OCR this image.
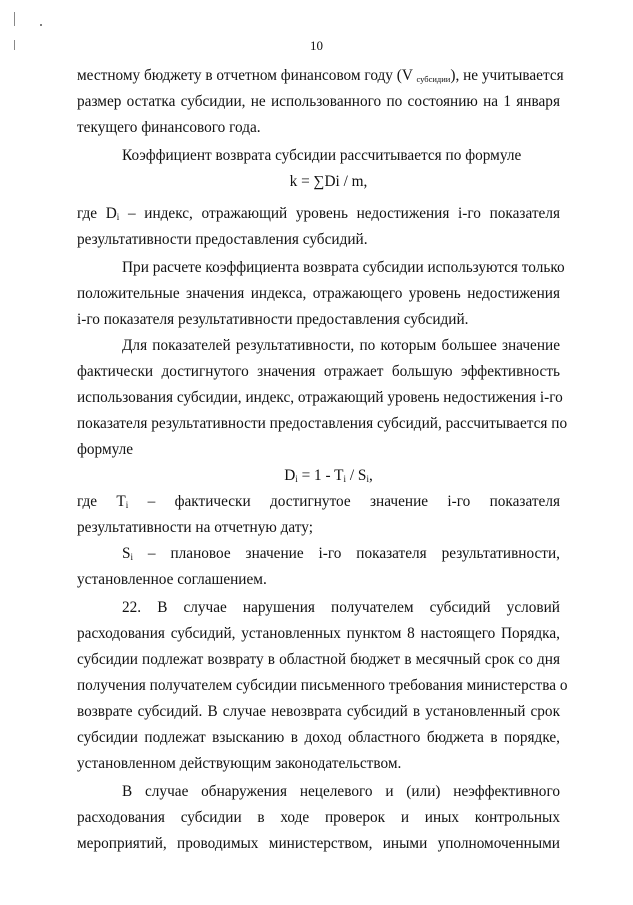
10
местному бюджету в отчетном финансовом году (V $_{субсидии}$), не учитывается
размер остатка субсидии, не использованного по состоянию на 1 января
текущего финансового года.
Коэффициент возврата субсидии рассчитывается по формуле
k = ∑Di / m,
где $D_i$ – индекс, отражающий уровень недостижения i-го показателя
результативности предоставления субсидий.
При расчете коэффициента возврата субсидии используются только
положительные значения индекса, отражающего уровень недостижения
i-го показателя результативности предоставления субсидий.
Для показателей результативности, по которым большее значение
фактически достигнутого значения отражает большую эффективность
использования субсидии, индекс, отражающий уровень недостижения i-го
показателя результативности предоставления субсидий, рассчитывается по
формуле
$D_i = 1 - T_i / S_i$,
где $T_i$ – фактически достигнутое значение i-го показателя
результативности на отчетную дату;
$S_i$ – плановое значение i-го показателя результативности,
установленное соглашением.
22. В случае нарушения получателем субсидий условий
расходования субсидий, установленных пунктом 8 настоящего Порядка,
субсидии подлежат возврату в областной бюджет в месячный срок со дня
получения получателем субсидии письменного требования министерства о
возврате субсидий. В случае невозврата субсидий в установленный срок
субсидии подлежат взысканию в доход областного бюджета в порядке,
установленном действующим законодательством.
В случае обнаружения нецелевого и (или) неэффективного
расходования субсидии в ходе проверок и иных контрольных
мероприятий, проводимых министерством, иными уполномоченными
